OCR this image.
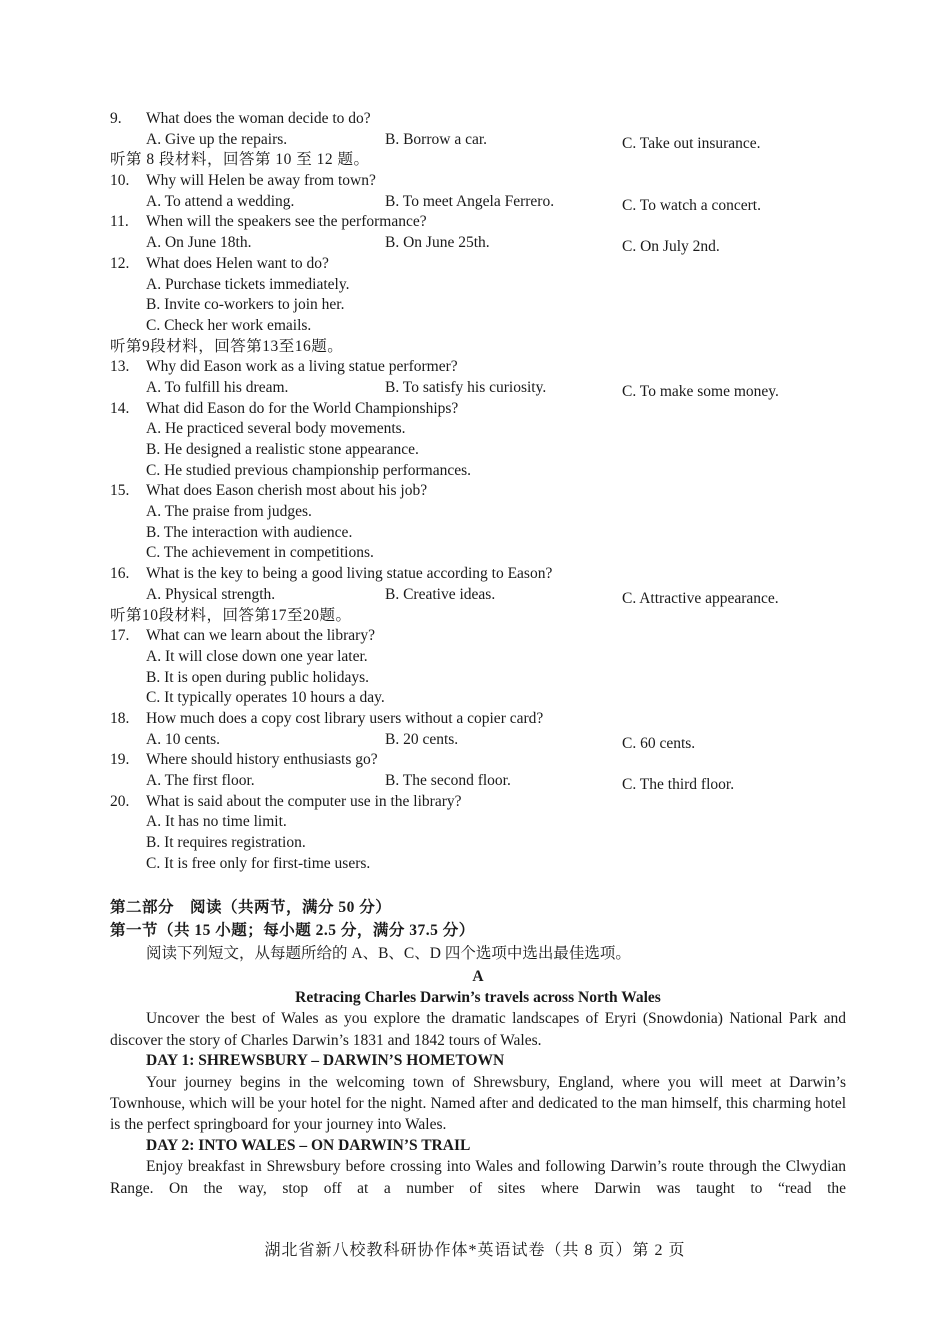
9. What does the woman decide to do?
A. Give up the repairs.	B. Borrow a car.	C. Take out insurance.
听第 8 段材料，回答第 10 至 12 题。
10. Why will Helen be away from town?
A. To attend a wedding.	B. To meet Angela Ferrero.	C. To watch a concert.
11. When will the speakers see the performance?
A. On June 18th.	B. On June 25th.	C. On July 2nd.
12. What does Helen want to do?
A. Purchase tickets immediately.
B. Invite co-workers to join her.
C. Check her work emails.
听第9段材料，回答第13至16题。
13. Why did Eason work as a living statue performer?
A. To fulfill his dream.	B. To satisfy his curiosity.	C. To make some money.
14. What did Eason do for the World Championships?
A. He practiced several body movements.
B. He designed a realistic stone appearance.
C. He studied previous championship performances.
15. What does Eason cherish most about his job?
A. The praise from judges.
B. The interaction with audience.
C. The achievement in competitions.
16. What is the key to being a good living statue according to Eason?
A. Physical strength.	B. Creative ideas.	C. Attractive appearance.
听第10段材料，回答第17至20题。
17. What can we learn about the library?
A. It will close down one year later.
B. It is open during public holidays.
C. It typically operates 10 hours a day.
18. How much does a copy cost library users without a copier card?
A. 10 cents.	B. 20 cents.	C. 60 cents.
19. Where should history enthusiasts go?
A. The first floor.	B. The second floor.	C. The third floor.
20. What is said about the computer use in the library?
A. It has no time limit.
B. It requires registration.
C. It is free only for first-time users.
第二部分　阅读（共两节，满分 50 分）
第一节（共 15 小题；每小题 2.5 分，满分 37.5 分）
阅读下列短文，从每题所给的 A、B、C、D 四个选项中选出最佳选项。
A
Retracing Charles Darwin’s travels across North Wales

Uncover the best of Wales as you explore the dramatic landscapes of Eryri (Snowdonia) National Park and discover the story of Charles Darwin’s 1831 and 1842 tours of Wales.

DAY 1: SHREWSBURY – DARWIN’S HOMETOWN

Your journey begins in the welcoming town of Shrewsbury, England, where you will meet at Darwin’s Townhouse, which will be your hotel for the night. Named after and dedicated to the man himself, this charming hotel is the perfect springboard for your journey into Wales.

DAY 2: INTO WALES – ON DARWIN’S TRAIL

Enjoy breakfast in Shrewsbury before crossing into Wales and following Darwin’s route through the Clwydian Range. On the way, stop off at a number of sites where Darwin was taught to “read the

湖北省新八校教科研协作体*英语试卷（共 8 页）第 2 页
